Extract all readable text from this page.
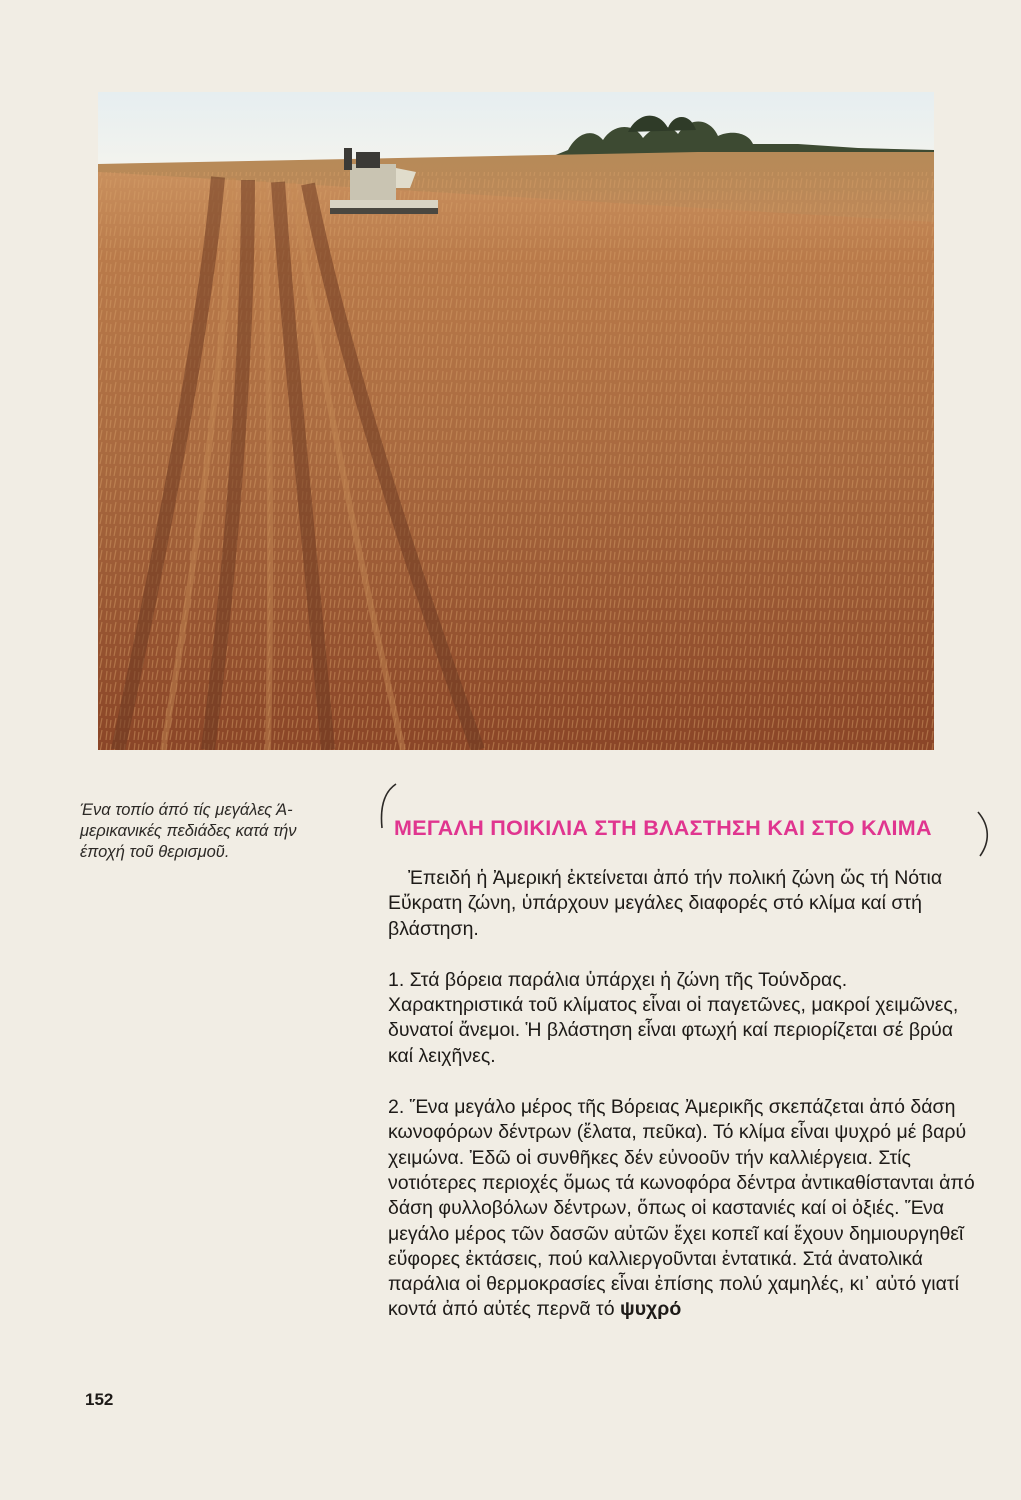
Ένα τοπίο άπό τίς μεγάλες Ά-

μερικανικές πεδιάδες κατά τήν

έποχή τοῦ θερισμοῦ.

ΜΕΓΑΛΗ ΠΟΙΚΙΛΙΑ ΣΤΗ ΒΛΑΣΤΗΣΗ ΚΑΙ ΣΤΟ ΚΛΙΜΑ

Ἐπειδή ἡ Ἀμερική ἐκτείνεται ἀπό τήν πολική ζώνη ὥς τή Νότια Εὔκρατη ζώνη, ὑπάρχουν μεγάλες διαφορές στό κλίμα καί στή βλάστηση.

1. Στά βόρεια παράλια ὑπάρχει ἡ ζώνη τῆς Τούνδρας. Χαρακτηριστικά τοῦ κλίματος εἶναι οἱ παγετῶνες, μακροί χειμῶνες, δυνατοί ἄνεμοι. Ἡ βλάστηση εἶναι φτωχή καί περιορίζεται σέ βρύα καί λειχῆνες.

2. Ἕνα μεγάλο μέρος τῆς Βόρειας Ἀμερικῆς σκεπάζεται ἀπό δάση κωνοφόρων δέντρων (ἔλατα, πεῦκα). Τό κλίμα εἶναι ψυχρό μέ βαρύ χειμώνα. Ἐδῶ οἱ συνθῆκες δέν εὐνοοῦν τήν καλλιέργεια. Στίς νοτιότερες περιοχές ὅμως τά κωνοφόρα δέντρα ἀντικαθίστανται ἀπό δάση φυλλοβόλων δέντρων, ὅπως οἱ καστανιές καί οἱ ὀξιές. Ἕνα μεγάλο μέρος τῶν δασῶν αὐτῶν ἔχει κοπεῖ καί ἔχουν δημιουργηθεῖ εὔφορες ἐκτάσεις, πού καλλιεργοῦνται ἐντατικά. Στά ἀνατολικά παράλια οἱ θερμοκρασίες εἶναι ἐπίσης πολύ χαμηλές, κι᾽ αὐτό γιατί κοντά ἀπό αὐτές περνᾶ τό ψυχρό

152
